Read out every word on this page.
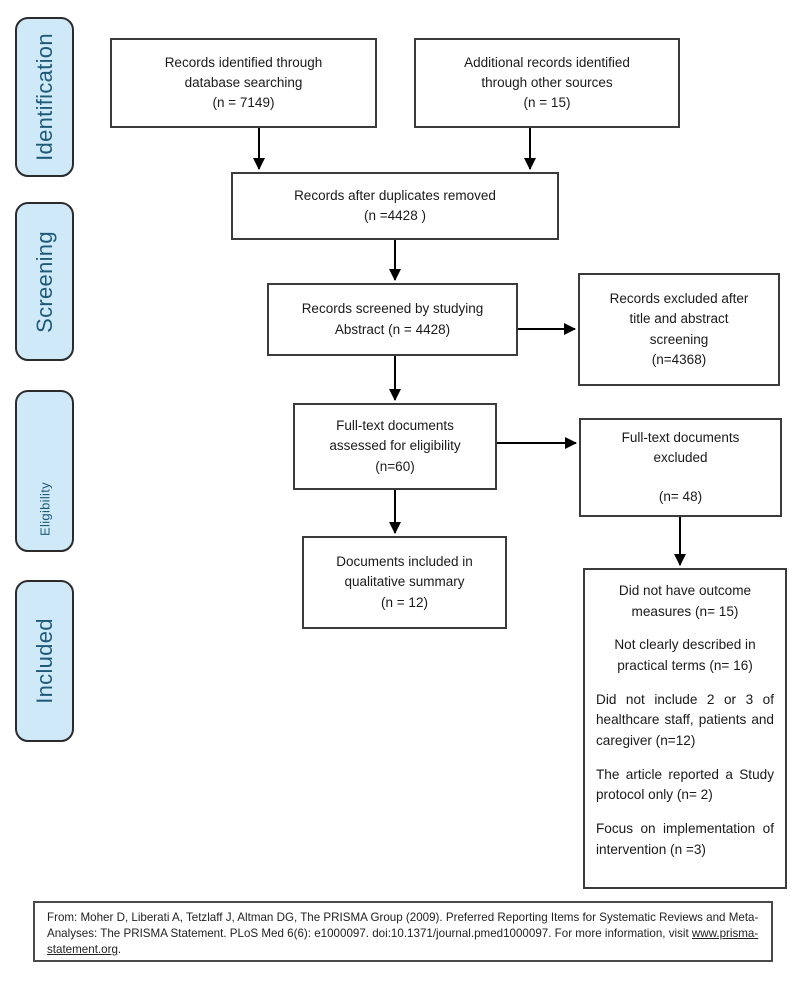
Identification
Screening
Eligibility
Included
Records identified through
database searching
(n = 7149)
Additional records identified
through other sources
(n = 15)
Records after duplicates removed
(n =4428 )
Records screened by studying
Abstract (n = 4428)
Records excluded after
title and abstract
screening
(n=4368)
Full-text documents
assessed for eligibility
(n=60)
Full-text documents
excluded
(n= 48)
Documents included in
qualitative summary
(n = 12)

Did not have outcome measures (n= 15)

Not clearly described in practical terms (n= 16)

Did not include 2 or 3 of healthcare staff, patients and caregiver (n=12)

The article reported a Study protocol only (n= 2)

Focus on implementation of intervention (n =3)

From: Moher D, Liberati A, Tetzlaff J, Altman DG, The PRISMA Group (2009). Preferred Reporting Items for Systematic Reviews and Meta-Analyses: The PRISMA Statement. PLoS Med 6(6): e1000097. doi:10.1371/journal.pmed1000097. For more information, visit www.prisma-statement.org.
